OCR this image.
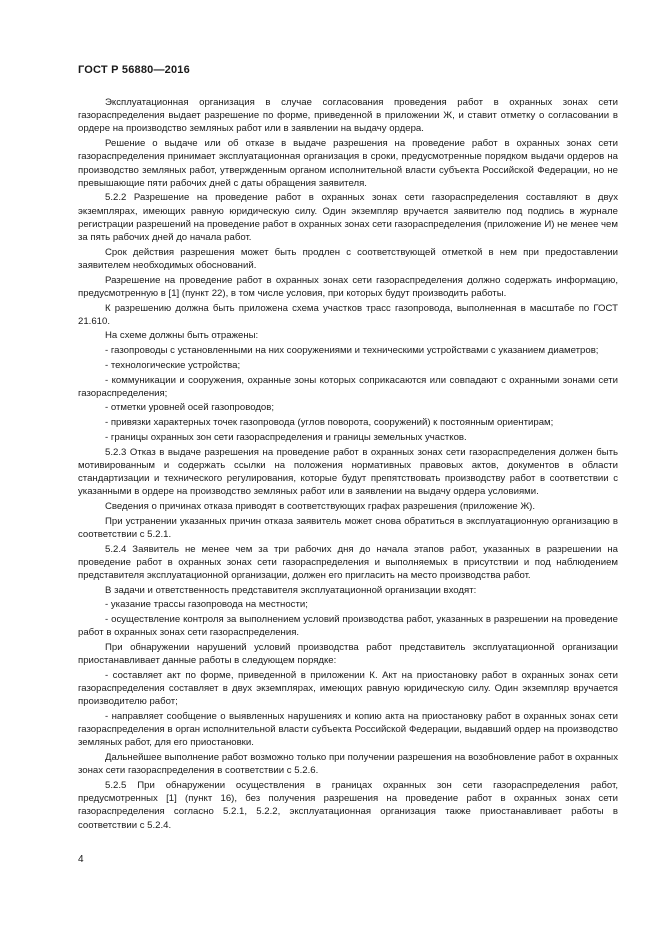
ГОСТ Р 56880—2016

Эксплуатационная организация в случае согласования проведения работ в охранных зонах сети газораспределения выдает разрешение по форме, приведенной в приложении Ж, и ставит отметку о согласовании в ордере на производство земляных работ или в заявлении на выдачу ордера.

Решение о выдаче или об отказе в выдаче разрешения на проведение работ в охранных зонах сети газораспределения принимает эксплуатационная организация в сроки, предусмотренные порядком выдачи ордеров на производство земляных работ, утвержденным органом исполнительной власти субъекта Российской Федерации, но не превышающие пяти рабочих дней с даты обращения заявителя.

5.2.2 Разрешение на проведение работ в охранных зонах сети газораспределения составляют в двух экземплярах, имеющих равную юридическую силу. Один экземпляр вручается заявителю под подпись в журнале регистрации разрешений на проведение работ в охранных зонах сети газораспределения (приложение И) не менее чем за пять рабочих дней до начала работ.

Срок действия разрешения может быть продлен с соответствующей отметкой в нем при предоставлении заявителем необходимых обоснований.

Разрешение на проведение работ в охранных зонах сети газораспределения должно содержать информацию, предусмотренную в [1] (пункт 22), в том числе условия, при которых будут производить работы.

К разрешению должна быть приложена схема участков трасс газопровода, выполненная в масштабе по ГОСТ 21.610.

На схеме должны быть отражены:

- газопроводы с установленными на них сооружениями и техническими устройствами с указанием диаметров;

- технологические устройства;

- коммуникации и сооружения, охранные зоны которых соприкасаются или совпадают с охранными зонами сети газораспределения;

- отметки уровней осей газопроводов;

- привязки характерных точек газопровода (углов поворота, сооружений) к постоянным ориентирам;

- границы охранных зон сети газораспределения и границы земельных участков.

5.2.3 Отказ в выдаче разрешения на проведение работ в охранных зонах сети газораспределения должен быть мотивированным и содержать ссылки на положения нормативных правовых актов, документов в области стандартизации и технического регулирования, которые будут препятствовать производству работ в соответствии с указанными в ордере на производство земляных работ или в заявлении на выдачу ордера условиями.

Сведения о причинах отказа приводят в соответствующих графах разрешения (приложение Ж).

При устранении указанных причин отказа заявитель может снова обратиться в эксплуатационную организацию в соответствии с 5.2.1.

5.2.4 Заявитель не менее чем за три рабочих дня до начала этапов работ, указанных в разрешении на проведение работ в охранных зонах сети газораспределения и выполняемых в присутствии и под наблюдением представителя эксплуатационной организации, должен его пригласить на место производства работ.

В задачи и ответственность представителя эксплуатационной организации входят:

- указание трассы газопровода на местности;

- осуществление контроля за выполнением условий производства работ, указанных в разрешении на проведение работ в охранных зонах сети газораспределения.

При обнаружении нарушений условий производства работ представитель эксплуатационной организации приостанавливает данные работы в следующем порядке:

- составляет акт по форме, приведенной в приложении К. Акт на приостановку работ в охранных зонах сети газораспределения составляет в двух экземплярах, имеющих равную юридическую силу. Один экземпляр вручается производителю работ;

- направляет сообщение о выявленных нарушениях и копию акта на приостановку работ в охранных зонах сети газораспределения в орган исполнительной власти субъекта Российской Федерации, выдавший ордер на производство земляных работ, для его приостановки.

Дальнейшее выполнение работ возможно только при получении разрешения на возобновление работ в охранных зонах сети газораспределения в соответствии с 5.2.6.

5.2.5 При обнаружении осуществления в границах охранных зон сети газораспределения работ, предусмотренных [1] (пункт 16), без получения разрешения на проведение работ в охранных зонах сети газораспределения согласно 5.2.1, 5.2.2, эксплуатационная организация также приостанавливает работы в соответствии с 5.2.4.

4
